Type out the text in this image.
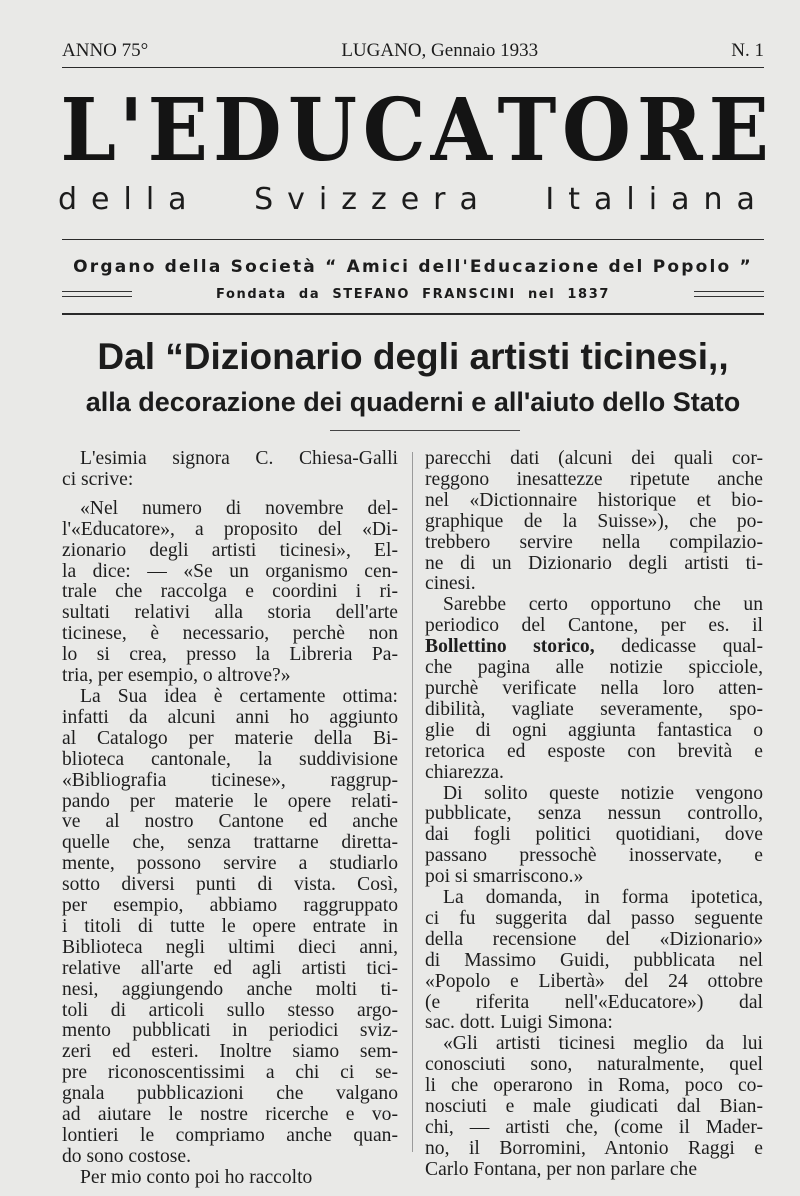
ANNO 75°	LUGANO, Gennaio 1933	N. 1
L ' E D U C A T O R E
della Svizzera Italiana
Organo della Società “ Amici dell'Educazione del Popolo ”
Fondata da STEFANO FRANSCINI nel 1837
Dal “Dizionario degli artisti ticinesi,,
alla decorazione dei quaderni e all'aiuto dello Stato
L'esimia signora C. Chiesa-Galli
ci scrive:
«Nel numero di novembre del-
l'«Educatore», a proposito del «Di-
zionario degli artisti ticinesi», El-
la dice: — «Se un organismo cen-
trale che raccolga e coordini i ri-
sultati relativi alla storia dell'arte
ticinese, è necessario, perchè non
lo si crea, presso la Libreria Pa-
tria, per esempio, o altrove?»
La Sua idea è certamente ottima:
infatti da alcuni anni ho aggiunto
al Catalogo per materie della Bi-
blioteca cantonale, la suddivisione
«Bibliografia ticinese», raggrup-
pando per materie le opere relati-
ve al nostro Cantone ed anche
quelle che, senza trattarne diretta-
mente, possono servire a studiarlo
sotto diversi punti di vista. Così,
per esempio, abbiamo raggruppato
i titoli di tutte le opere entrate in
Biblioteca negli ultimi dieci anni,
relative all'arte ed agli artisti tici-
nesi, aggiungendo anche molti ti-
toli di articoli sullo stesso argo-
mento pubblicati in periodici sviz-
zeri ed esteri. Inoltre siamo sem-
pre riconoscentissimi a chi ci se-
gnala pubblicazioni che valgano
ad aiutare le nostre ricerche e vo-
lontieri le compriamo anche quan-
do sono costose.
Per mio conto poi ho raccolto
parecchi dati (alcuni dei quali cor-
reggono inesattezze ripetute anche
nel «Dictionnaire historique et bio-
graphique de la Suisse»), che po-
trebbero servire nella compilazio-
ne di un Dizionario degli artisti ti-
cinesi.
Sarebbe certo opportuno che un
periodico del Cantone, per es. il
Bollettino storico, dedicasse qual-
che pagina alle notizie spicciole,
purchè verificate nella loro atten-
dibilità, vagliate severamente, spo-
glie di ogni aggiunta fantastica o
retorica ed esposte con brevità e
chiarezza.
Di solito queste notizie vengono
pubblicate, senza nessun controllo,
dai fogli politici quotidiani, dove
passano pressochè inosservate, e
poi si smarriscono.»
La domanda, in forma ipotetica,
ci fu suggerita dal passo seguente
della recensione del «Dizionario»
di Massimo Guidi, pubblicata nel
«Popolo e Libertà» del 24 ottobre
(e riferita nell'«Educatore») dal
sac. dott. Luigi Simona:
«Gli artisti ticinesi meglio da lui
conosciuti sono, naturalmente, quel
li che operarono in Roma, poco co-
nosciuti e male giudicati dal Bian-
chi, — artisti che, (come il Mader-
no, il Borromini, Antonio Raggi e
Carlo Fontana, per non parlare che
